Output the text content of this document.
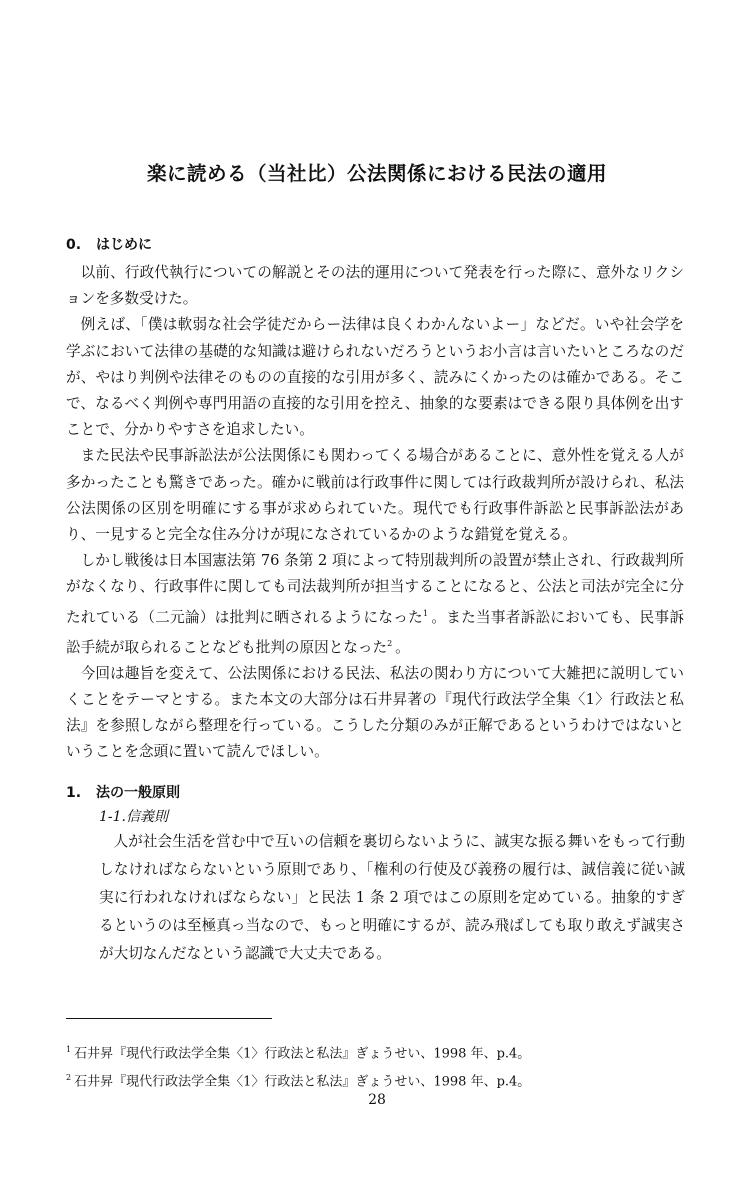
楽に読める（当社比）公法関係における民法の適用
0. はじめに

以前、行政代執行についての解説とその法的運用について発表を行った際に、意外なリクションを多数受けた。

例えば、「僕は軟弱な社会学徒だからー法律は良くわかんないよー」などだ。いや社会学を学ぶにおいて法律の基礎的な知識は避けられないだろうというお小言は言いたいところなのだが、やはり判例や法律そのものの直接的な引用が多く、読みにくかったのは確かである。そこで、なるべく判例や専門用語の直接的な引用を控え、抽象的な要素はできる限り具体例を出すことで、分かりやすさを追求したい。

また民法や民事訴訟法が公法関係にも関わってくる場合があることに、意外性を覚える人が多かったことも驚きであった。確かに戦前は行政事件に関しては行政裁判所が設けられ、私法公法関係の区別を明確にする事が求められていた。現代でも行政事件訴訟と民事訴訟法があり、一見すると完全な住み分けが現になされているかのような錯覚を覚える。

しかし戦後は日本国憲法第 76 条第 2 項によって特別裁判所の設置が禁止され、行政裁判所がなくなり、行政事件に関しても司法裁判所が担当することになると、公法と司法が完全に分たれている（二元論）は批判に晒されるようになった$^1$ 。また当事者訴訟においても、民事訴訟手続が取られることなども批判の原因となった$^2$ 。

今回は趣旨を変えて、公法関係における民法、私法の関わり方について大雑把に説明していくことをテーマとする。また本文の大部分は石井昇著の『現代行政法学全集〈1〉行政法と私法』を参照しながら整理を行っている。こうした分類のみが正解であるというわけではないということを念頭に置いて読んでほしい。

1. 法の一般原則
1-1.信義則

人が社会生活を営む中で互いの信頼を裏切らないように、誠実な振る舞いをもって行動しなければならないという原則であり、「権利の行使及び義務の履行は、誠信義に従い誠実に行われなければならない」と民法 1 条 2 項ではこの原則を定めている。抽象的すぎるというのは至極真っ当なので、もっと明確にするが、読み飛ばしても取り敢えず誠実さが大切なんだなという認識で大丈夫である。

$^1$ 石井昇『現代行政法学全集〈1〉行政法と私法』ぎょうせい、1998 年、p.4。

$^2$ 石井昇『現代行政法学全集〈1〉行政法と私法』ぎょうせい、1998 年、p.4。

28
